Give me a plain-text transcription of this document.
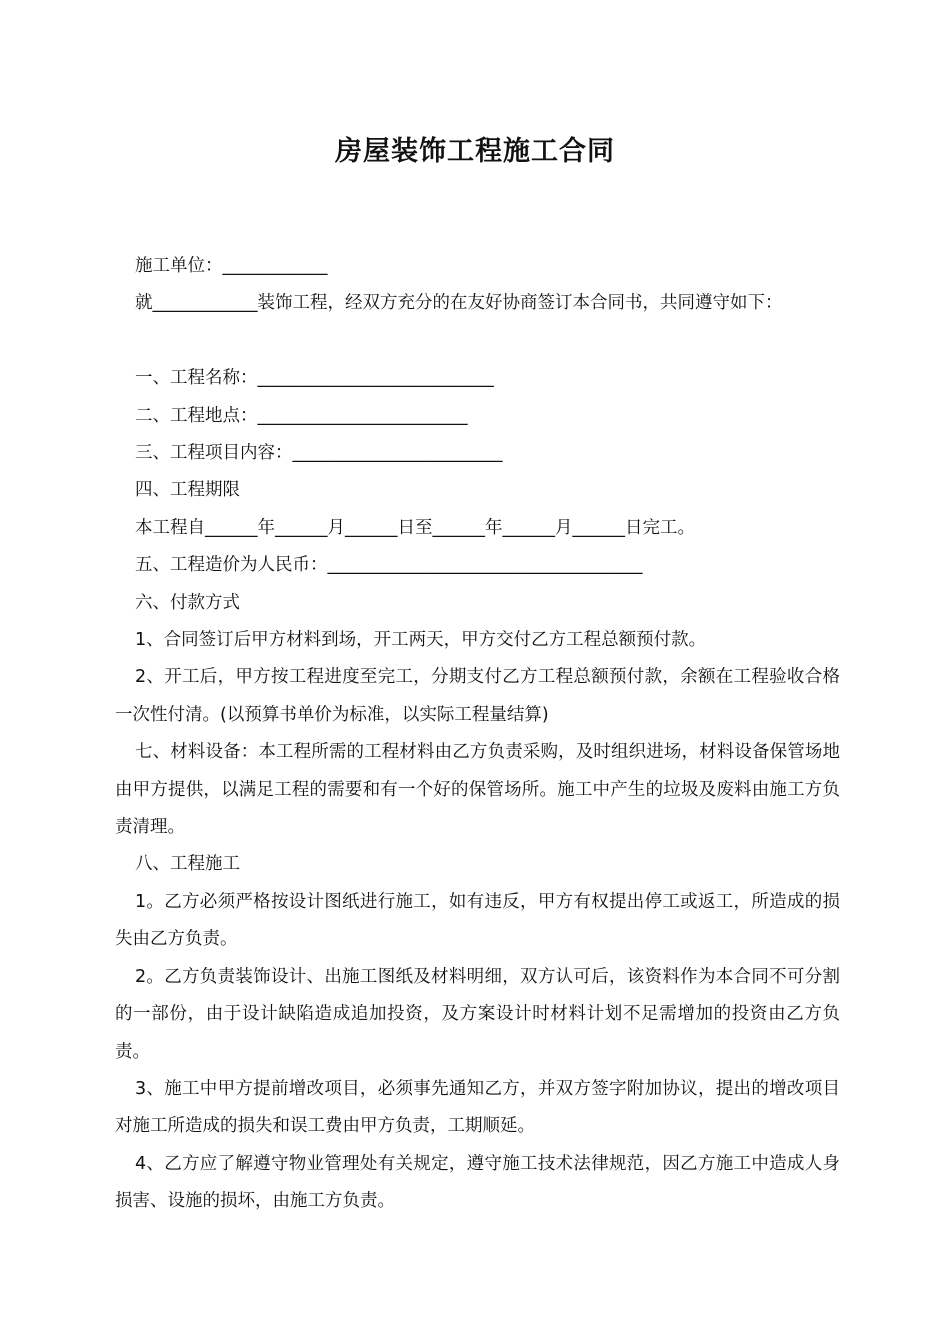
房屋装饰工程施工合同

施工单位：____________

就____________装饰工程，经双方充分的在友好协商签订本合同书，共同遵守如下：

一、工程名称：___________________________

二、工程地点：________________________

三、工程项目内容：________________________

四、工程期限

本工程自______年______月______日至______年______月______日完工。

五、工程造价为人民币：____________________________________

六、付款方式

1、合同签订后甲方材料到场，开工两天，甲方交付乙方工程总额预付款。

2、开工后，甲方按工程进度至完工，分期支付乙方工程总额预付款，余额在工程验收合格一次性付清。(以预算书单价为标准，以实际工程量结算)

七、材料设备：本工程所需的工程材料由乙方负责采购，及时组织进场，材料设备保管场地由甲方提供，以满足工程的需要和有一个好的保管场所。施工中产生的垃圾及废料由施工方负责清理。

八、工程施工

1。乙方必须严格按设计图纸进行施工，如有违反，甲方有权提出停工或返工，所造成的损失由乙方负责。

2。乙方负责装饰设计、出施工图纸及材料明细，双方认可后，该资料作为本合同不可分割的一部份，由于设计缺陷造成追加投资，及方案设计时材料计划不足需增加的投资由乙方负责。

3、施工中甲方提前增改项目，必须事先通知乙方，并双方签字附加协议，提出的增改项目对施工所造成的损失和误工费由甲方负责，工期顺延。

4、乙方应了解遵守物业管理处有关规定，遵守施工技术法律规范，因乙方施工中造成人身损害、设施的损坏，由施工方负责。
